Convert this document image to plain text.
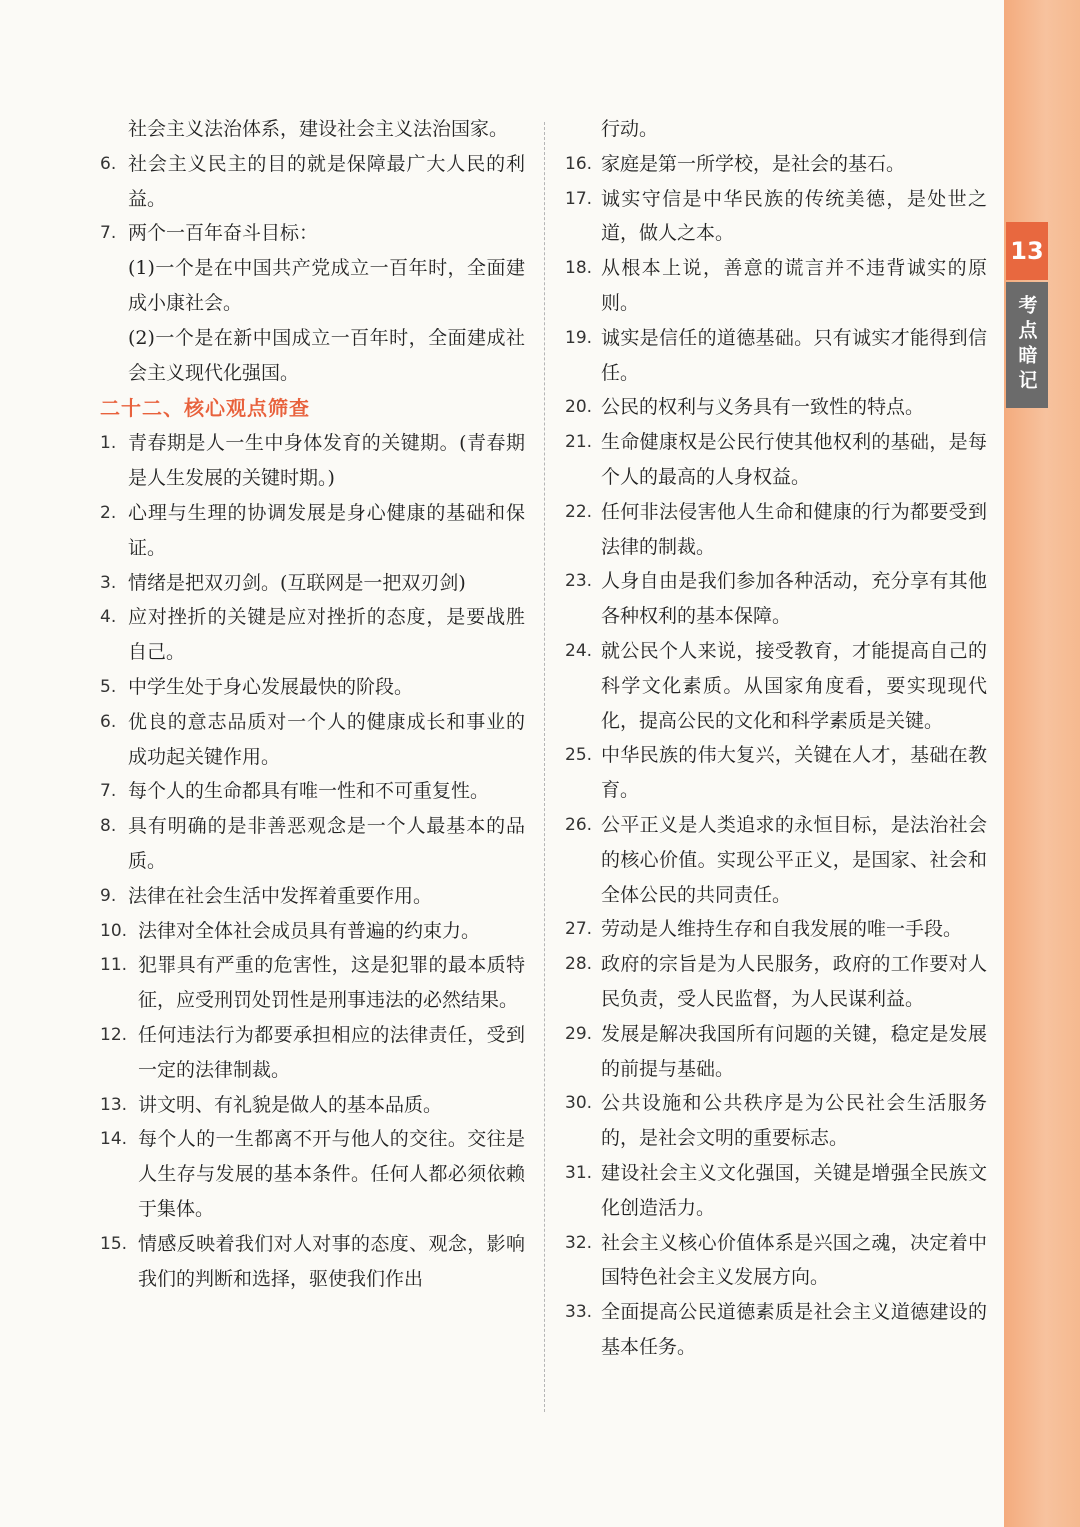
社会主义法治体系，建设社会主义法治国家。

6. 社会主义民主的目的就是保障最广大人民的利益。

7. 两个一百年奋斗目标：

(1)一个是在中国共产党成立一百年时，全面建成小康社会。

(2)一个是在新中国成立一百年时，全面建成社会主义现代化强国。

二十二、核心观点筛查

1. 青春期是人一生中身体发育的关键期。(青春期是人生发展的关键时期。)

2. 心理与生理的协调发展是身心健康的基础和保证。

3. 情绪是把双刃剑。(互联网是一把双刃剑)

4. 应对挫折的关键是应对挫折的态度，是要战胜自己。

5. 中学生处于身心发展最快的阶段。

6. 优良的意志品质对一个人的健康成长和事业的成功起关键作用。

7. 每个人的生命都具有唯一性和不可重复性。

8. 具有明确的是非善恶观念是一个人最基本的品质。

9. 法律在社会生活中发挥着重要作用。

10. 法律对全体社会成员具有普遍的约束力。

11. 犯罪具有严重的危害性，这是犯罪的最本质特征，应受刑罚处罚性是刑事违法的必然结果。

12. 任何违法行为都要承担相应的法律责任，受到一定的法律制裁。

13. 讲文明、有礼貌是做人的基本品质。

14. 每个人的一生都离不开与他人的交往。交往是人生存与发展的基本条件。任何人都必须依赖于集体。

15. 情感反映着我们对人对事的态度、观念，影响我们的判断和选择，驱使我们作出

行动。

16. 家庭是第一所学校，是社会的基石。

17. 诚实守信是中华民族的传统美德，是处世之道，做人之本。

18. 从根本上说，善意的谎言并不违背诚实的原则。

19. 诚实是信任的道德基础。只有诚实才能得到信任。

20. 公民的权利与义务具有一致性的特点。

21. 生命健康权是公民行使其他权利的基础，是每个人的最高的人身权益。

22. 任何非法侵害他人生命和健康的行为都要受到法律的制裁。

23. 人身自由是我们参加各种活动，充分享有其他各种权利的基本保障。

24. 就公民个人来说，接受教育，才能提高自己的科学文化素质。从国家角度看，要实现现代化，提高公民的文化和科学素质是关键。

25. 中华民族的伟大复兴，关键在人才，基础在教育。

26. 公平正义是人类追求的永恒目标，是法治社会的核心价值。实现公平正义，是国家、社会和全体公民的共同责任。

27. 劳动是人维持生存和自我发展的唯一手段。

28. 政府的宗旨是为人民服务，政府的工作要对人民负责，受人民监督，为人民谋利益。

29. 发展是解决我国所有问题的关键，稳定是发展的前提与基础。

30. 公共设施和公共秩序是为公民社会生活服务的，是社会文明的重要标志。

31. 建设社会主义文化强国，关键是增强全民族文化创造活力。

32. 社会主义核心价值体系是兴国之魂，决定着中国特色社会主义发展方向。

33. 全面提高公民道德素质是社会主义道德建设的基本任务。

13
考点暗记
